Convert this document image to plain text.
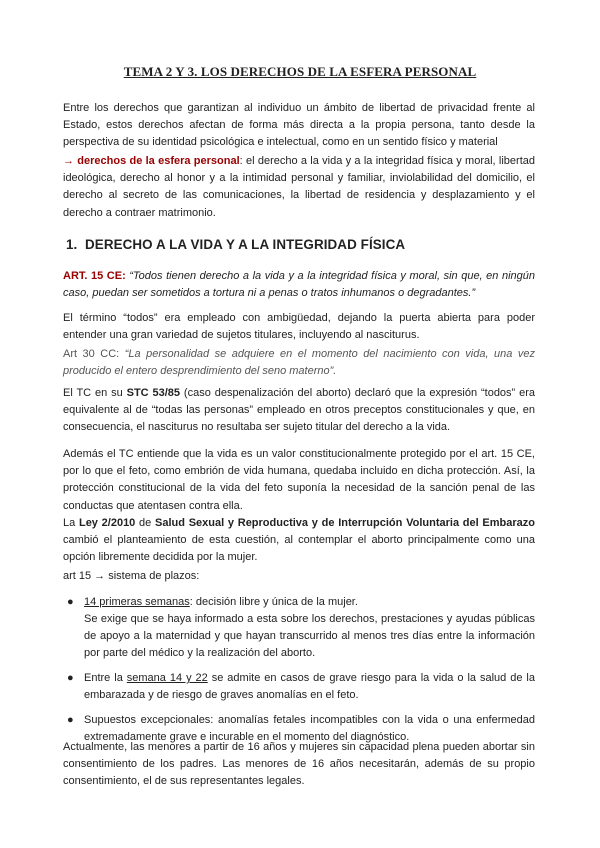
TEMA 2 Y 3. LOS DERECHOS DE LA ESFERA PERSONAL

Entre los derechos que garantizan al individuo un ámbito de libertad de privacidad frente al Estado, estos derechos afectan de forma más directa a la propia persona, tanto desde la perspectiva de su identidad psicológica e intelectual, como en un sentido físico y material

→ derechos de la esfera personal: el derecho a la vida y a la integridad física y moral, libertad ideológica, derecho al honor y a la intimidad personal y familiar, inviolabilidad del domicilio, el derecho al secreto de las comunicaciones, la libertad de residencia y desplazamiento y el derecho a contraer matrimonio.

1. DERECHO A LA VIDA Y A LA INTEGRIDAD FÍSICA

ART. 15 CE: “Todos tienen derecho a la vida y a la integridad física y moral, sin que, en ningún caso, puedan ser sometidos a tortura ni a penas o tratos inhumanos o degradantes.”

El término “todos” era empleado con ambigüedad, dejando la puerta abierta para poder entender una gran variedad de sujetos titulares, incluyendo al nasciturus.

Art 30 CC: “La personalidad se adquiere en el momento del nacimiento con vida, una vez producido el entero desprendimiento del seno materno”.

El TC en su STC 53/85 (caso despenalización del aborto) declaró que la expresión “todos” era equivalente al de “todas las personas” empleado en otros preceptos constitucionales y que, en consecuencia, el nasciturus no resultaba ser sujeto titular del derecho a la vida.

Además el TC entiende que la vida es un valor constitucionalmente protegido por el art. 15 CE, por lo que el feto, como embrión de vida humana, quedaba incluido en dicha protección. Así, la protección constitucional de la vida del feto suponía la necesidad de la sanción penal de las conductas que atentasen contra ella.

La Ley 2/2010 de Salud Sexual y Reproductiva y de Interrupción Voluntaria del Embarazo cambió el planteamiento de esta cuestión, al contemplar el aborto principalmente como una opción libremente decidida por la mujer.

art 15 → sistema de plazos:

● 14 primeras semanas: decisión libre y única de la mujer.
Se exige que se haya informado a esta sobre los derechos, prestaciones y ayudas públicas de apoyo a la maternidad y que hayan transcurrido al menos tres días entre la información por parte del médico y la realización del aborto.
● Entre la semana 14 y 22 se admite en casos de grave riesgo para la vida o la salud de la embarazada y de riesgo de graves anomalías en el feto.
● Supuestos excepcionales: anomalías fetales incompatibles con la vida o una enfermedad extremadamente grave e incurable en el momento del diagnóstico.

Actualmente, las menores a partir de 16 años y mujeres sin capacidad plena pueden abortar sin consentimiento de los padres. Las menores de 16 años necesitarán, además de su propio consentimiento, el de sus representantes legales.
